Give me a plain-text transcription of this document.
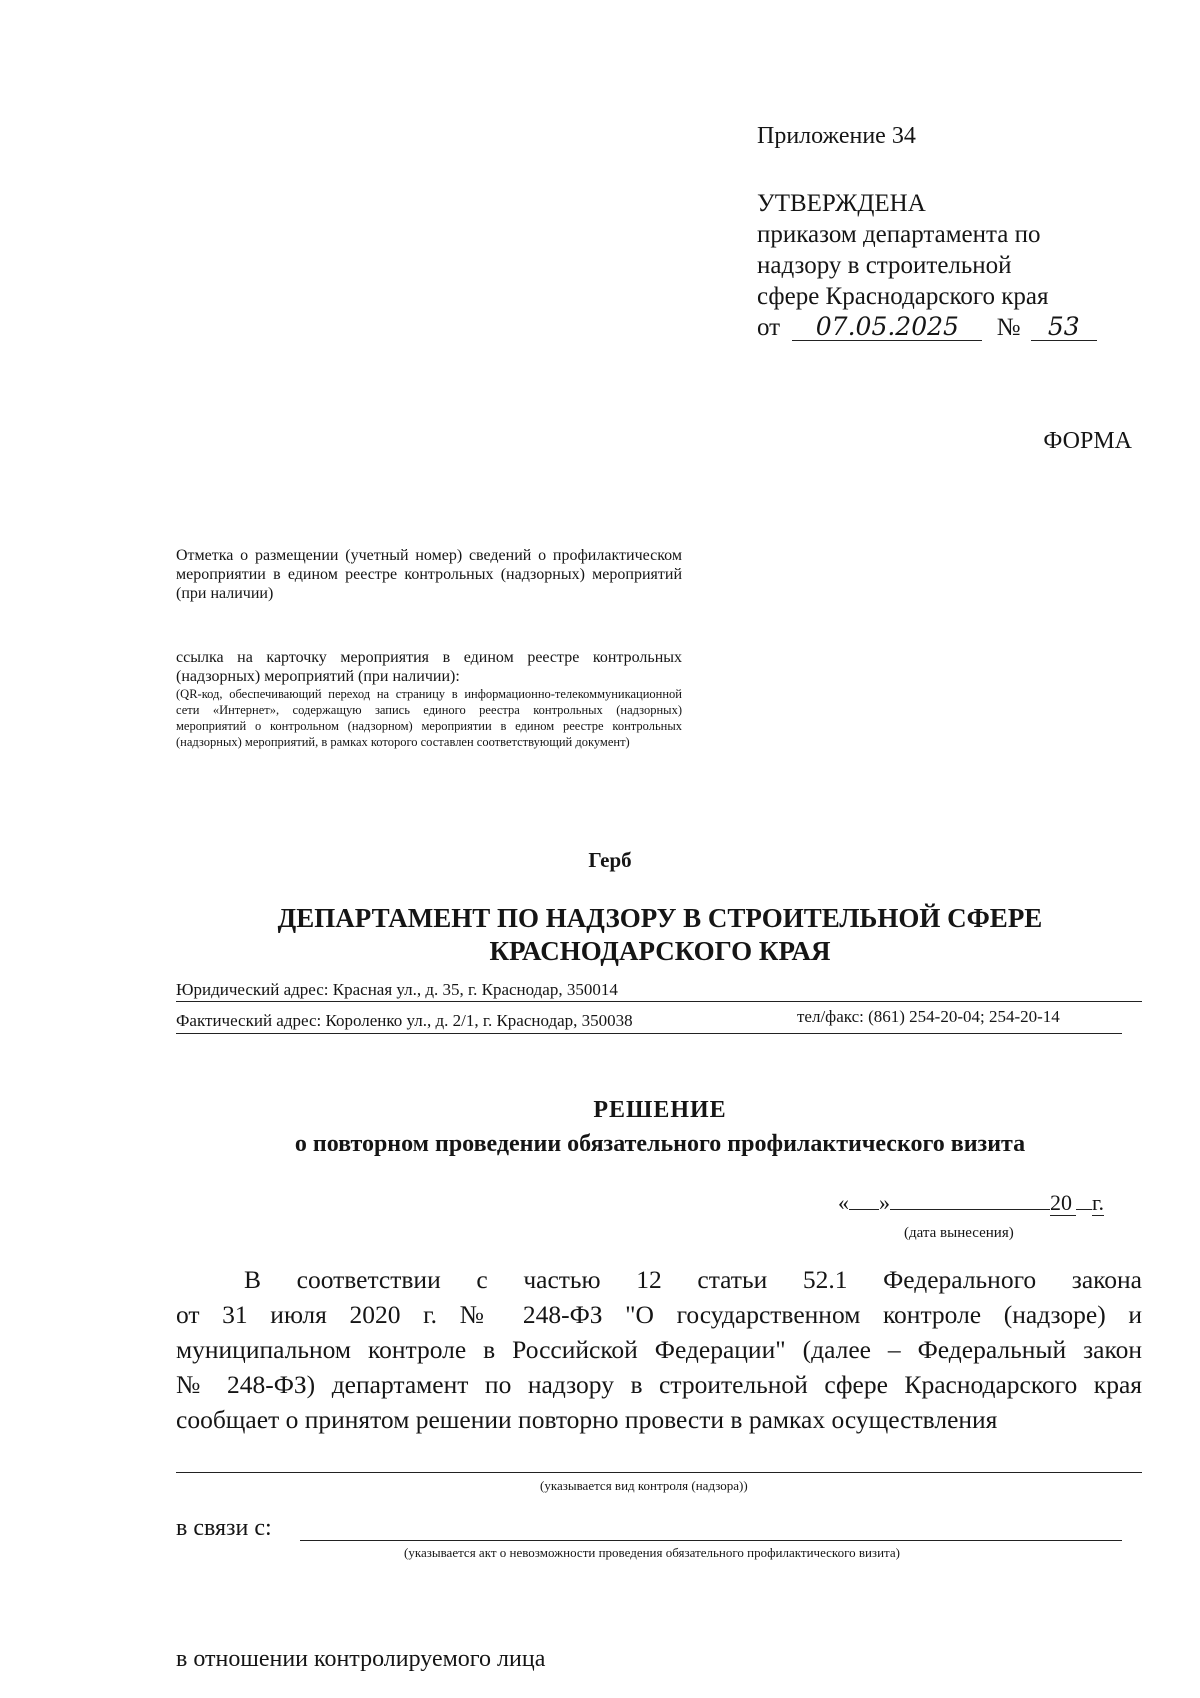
Приложение 34
УТВЕРЖДЕНА
приказом департамента по
надзору в строительной
сфере Краснодарского края
от 07.05.2025 № 53
ФОРМА
Отметка о размещении (учетный номер) сведений о профилактическом мероприятии в едином реестре контрольных (надзорных) мероприятий (при наличии)
ссылка на карточку мероприятия в едином реестре контрольных (надзорных) мероприятий (при наличии):
(QR-код, обеспечивающий переход на страницу в информационно-телекоммуникационной сети «Интернет», содержащую запись единого реестра контрольных (надзорных) мероприятий о контрольном (надзорном) мероприятии в едином реестре контрольных (надзорных) мероприятий, в рамках которого составлен соответствующий документ)
Герб
ДЕПАРТАМЕНТ ПО НАДЗОРУ В СТРОИТЕЛЬНОЙ СФЕРЕ
КРАСНОДАРСКОГО КРАЯ
Юридический адрес: Красная ул., д. 35, г. Краснодар, 350014
Фактический адрес: Короленко ул., д. 2/1, г. Краснодар, 350038	тел/факс: (861) 254-20-04; 254-20-14
РЕШЕНИЕ
о повторном проведении обязательного профилактического визита
« »	20 г.
(дата вынесения)
В соответствии с частью 12 статьи 52.1 Федерального закона
от 31 июля 2020 г. № 248-ФЗ "О государственном контроле (надзоре) и
муниципальном контроле в Российской Федерации" (далее – Федеральный закон
№ 248-ФЗ) департамент по надзору в строительной сфере Краснодарского края
сообщает о принятом решении повторно провести в рамках осуществления
(указывается вид контроля (надзора))
в связи с:
(указывается акт о невозможности проведения обязательного профилактического визита)
в отношении контролируемого лица
